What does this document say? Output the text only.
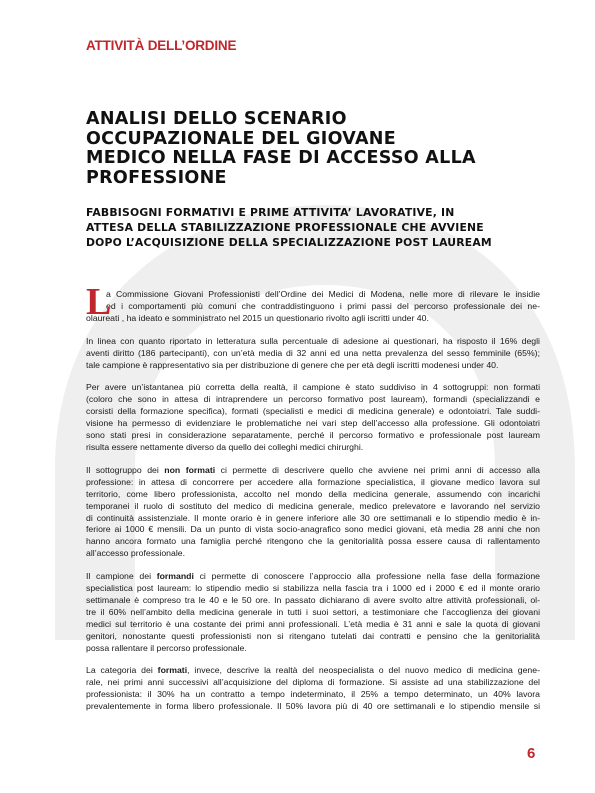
ATTIVITÀ DELL’ORDINE
ANALISI DELLO SCENARIO
OCCUPAZIONALE DEL GIOVANE
MEDICO NELLA FASE DI ACCESSO ALLA
PROFESSIONE
FABBISOGNI FORMATIVI E PRIME ATTIVITA’ LAVORATIVE, IN
ATTESA DELLA STABILIZZAZIONE PROFESSIONALE CHE AVVIENE
DOPO L’ACQUISIZIONE DELLA SPECIALIZZAZIONE POST LAUREAM

L
a Commissione Giovani Professionisti dell’Ordine dei Medici di Modena, nelle more di rilevare le insidie
ed i comportamenti più comuni che contraddistinguono i primi passi del percorso professionale dei ne-
olaureati , ha ideato e somministrato nel 2015 un questionario rivolto agli iscritti under 40.

In linea con quanto riportato in letteratura sulla percentuale di adesione ai questionari, ha risposto il 16% degli
aventi diritto (186 partecipanti), con un’età media di 32 anni ed una netta prevalenza del sesso femminile (65%);
tale campione è rappresentativo sia per distribuzione di genere che per età degli iscritti modenesi under 40.

Per avere un’istantanea più corretta della realtà, il campione è stato suddiviso in 4 sottogruppi: non formati
(coloro che sono in attesa di intraprendere un percorso formativo post lauream), formandi (specializzandi e
corsisti della formazione specifica), formati (specialisti e medici di medicina generale) e odontoiatri. Tale suddi-
visione ha permesso di evidenziare le problematiche nei vari step dell’accesso alla professione. Gli odontoiatri
sono stati presi in considerazione separatamente, perché il percorso formativo e professionale post lauream
risulta essere nettamente diverso da quello dei colleghi medici chirurghi.

Il sottogruppo dei non formati ci permette di descrivere quello che avviene nei primi anni di accesso alla
professione: in attesa di concorrere per accedere alla formazione specialistica, il giovane medico lavora sul
territorio, come libero professionista, accolto nel mondo della medicina generale, assumendo con incarichi
temporanei il ruolo di sostituto del medico di medicina generale, medico prelevatore e lavorando nel servizio
di continuità assistenziale. Il monte orario è in genere inferiore alle 30 ore settimanali e lo stipendio medio è in-
feriore ai 1000 € mensili. Da un punto di vista socio-anagrafico sono medici giovani, età media 28 anni che non
hanno ancora formato una famiglia perché ritengono che la genitorialità possa essere causa di rallentamento
all’accesso professionale.

Il campione dei formandi ci permette di conoscere l’approccio alla professione nella fase della formazione
specialistica post lauream: lo stipendio medio si stabilizza nella fascia tra i 1000 ed i 2000 € ed il monte orario
settimanale è compreso tra le 40 e le 50 ore. In passato dichiarano di avere svolto altre attività professionali, ol-
tre il 60% nell’ambito della medicina generale in tutti i suoi settori, a testimoniare che l’accoglienza dei giovani
medici sul territorio è una costante dei primi anni professionali. L’età media è 31 anni e sale la quota di giovani
genitori, nonostante questi professionisti non si ritengano tutelati dai contratti e pensino che la genitorialità
possa rallentare il percorso professionale.

La categoria dei formati, invece, descrive la realtà del neospecialista o del nuovo medico di medicina gene-
rale, nei primi anni successivi all’acquisizione del diploma di formazione. Si assiste ad una stabilizzazione del
professionista: il 30% ha un contratto a tempo indeterminato, il 25% a tempo determinato, un 40% lavora
prevalentemente in forma libero professionale. Il 50% lavora più di 40 ore settimanali e lo stipendio mensile si

6
